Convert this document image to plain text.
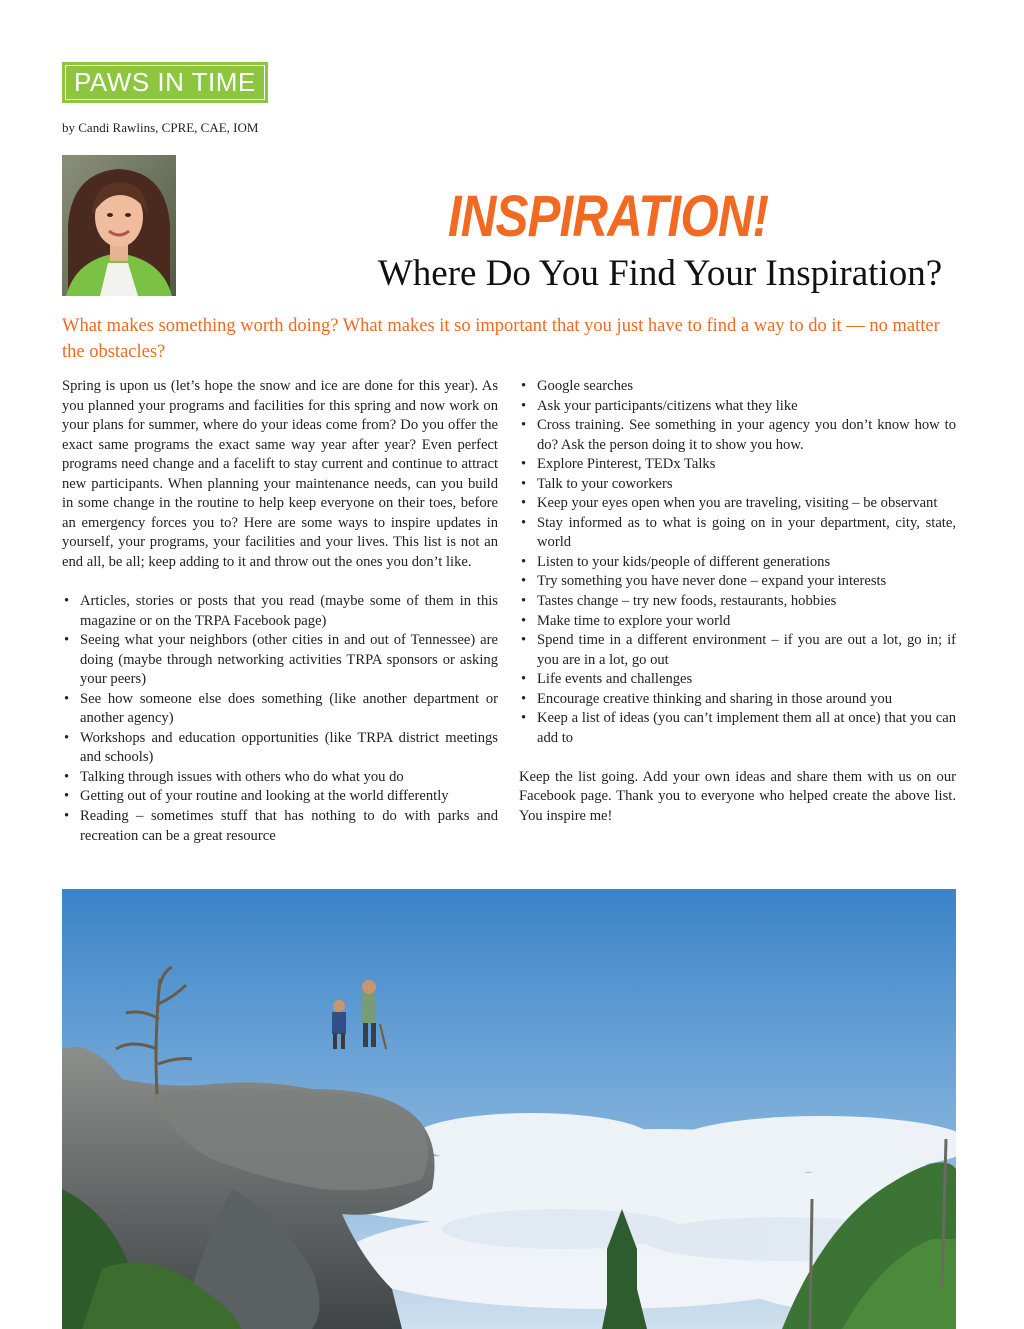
PAWS IN TIME
by Candi Rawlins, CPRE, CAE, IOM
INSPIRATION!
Where Do You Find Your Inspiration?
What makes something worth doing? What makes it so important that you just have to find a way to do it — no matter the obstacles?

Spring is upon us (let’s hope the snow and ice are done for this year). As you planned your programs and facilities for this spring and now work on your plans for summer, where do your ideas come from? Do you offer the exact same programs the exact same way year after year? Even perfect programs need change and a facelift to stay current and continue to attract new participants. When planning your maintenance needs, can you build in some change in the routine to help keep everyone on their toes, before an emergency forces you to? Here are some ways to inspire updates in yourself, your programs, your facilities and your lives. This list is not an end all, be all; keep adding to it and throw out the ones you don’t like.

• Articles, stories or posts that you read (maybe some of them in this magazine or on the TRPA Facebook page)
• Seeing what your neighbors (other cities in and out of Tennessee) are doing (maybe through networking activities TRPA sponsors or asking your peers)
• See how someone else does something (like another department or another agency)
• Workshops and education opportunities (like TRPA district meetings and schools)
• Talking through issues with others who do what you do
• Getting out of your routine and looking at the world differently
• Reading – sometimes stuff that has nothing to do with parks and recreation can be a great resource
• Google searches
• Ask your participants/citizens what they like
• Cross training. See something in your agency you don’t know how to do? Ask the person doing it to show you how.
• Explore Pinterest, TEDx Talks
• Talk to your coworkers
• Keep your eyes open when you are traveling, visiting – be observant
• Stay informed as to what is going on in your department, city, state, world
• Listen to your kids/people of different generations
• Try something you have never done – expand your interests
• Tastes change – try new foods, restaurants, hobbies
• Make time to explore your world
• Spend time in a different environment – if you are out a lot, go in; if you are in a lot, go out
• Life events and challenges
• Encourage creative thinking and sharing in those around you
• Keep a list of ideas (you can’t implement them all at once) that you can add to

Keep the list going. Add your own ideas and share them with us on our Facebook page. Thank you to everyone who helped create the above list. You inspire me!
